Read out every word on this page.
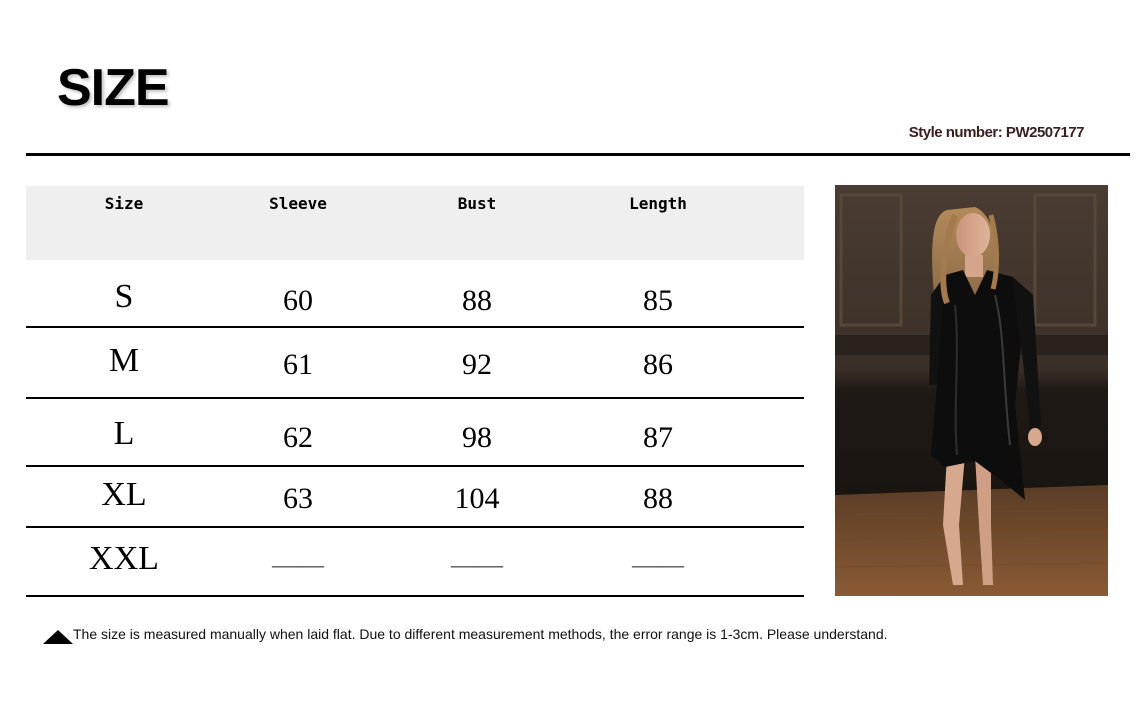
SIZE
Style number: PW2507177
Size	Sleeve	Bust	Length
S	60	88	85
M	61	92	86
L	62	98	87
XL	63	104	88
XXL	——	——	——
The size is measured manually when laid flat. Due to different measurement methods, the error range is 1-3cm. Please understand.
